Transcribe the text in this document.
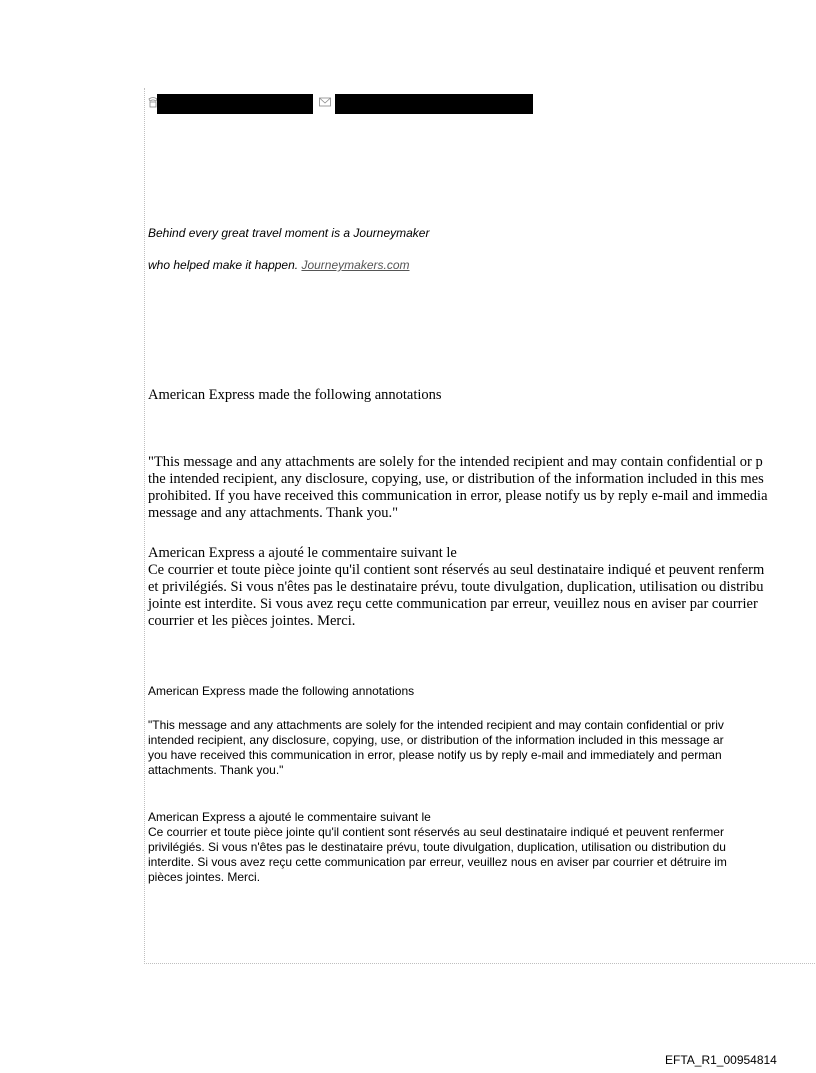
Behind every great travel moment is a Journeymaker
who helped make it happen. Journeymakers.com

American Express made the following annotations

"This message and any attachments are solely for the intended recipient and may contain confidential or p

the intended recipient, any disclosure, copying, use, or distribution of the information included in this mes

prohibited. If you have received this communication in error, please notify us by reply e-mail and immedia

message and any attachments. Thank you."

American Express a ajouté le commentaire suivant le

Ce courrier et toute pièce jointe qu'il contient sont réservés au seul destinataire indiqué et peuvent renferm

et privilégiés. Si vous n'êtes pas le destinataire prévu, toute divulgation, duplication, utilisation ou distribu

jointe est interdite. Si vous avez reçu cette communication par erreur, veuillez nous en aviser par courrier

courrier et les pièces jointes. Merci.

American Express made the following annotations

"This message and any attachments are solely for the intended recipient and may contain confidential or priv

intended recipient, any disclosure, copying, use, or distribution of the information included in this message ar

you have received this communication in error, please notify us by reply e-mail and immediately and perman

attachments. Thank you."

American Express a ajouté le commentaire suivant le

Ce courrier et toute pièce jointe qu'il contient sont réservés au seul destinataire indiqué et peuvent renfermer

privilégiés. Si vous n'êtes pas le destinataire prévu, toute divulgation, duplication, utilisation ou distribution du

interdite. Si vous avez reçu cette communication par erreur, veuillez nous en aviser par courrier et détruire im

pièces jointes. Merci.

EFTA_R1_00954814
